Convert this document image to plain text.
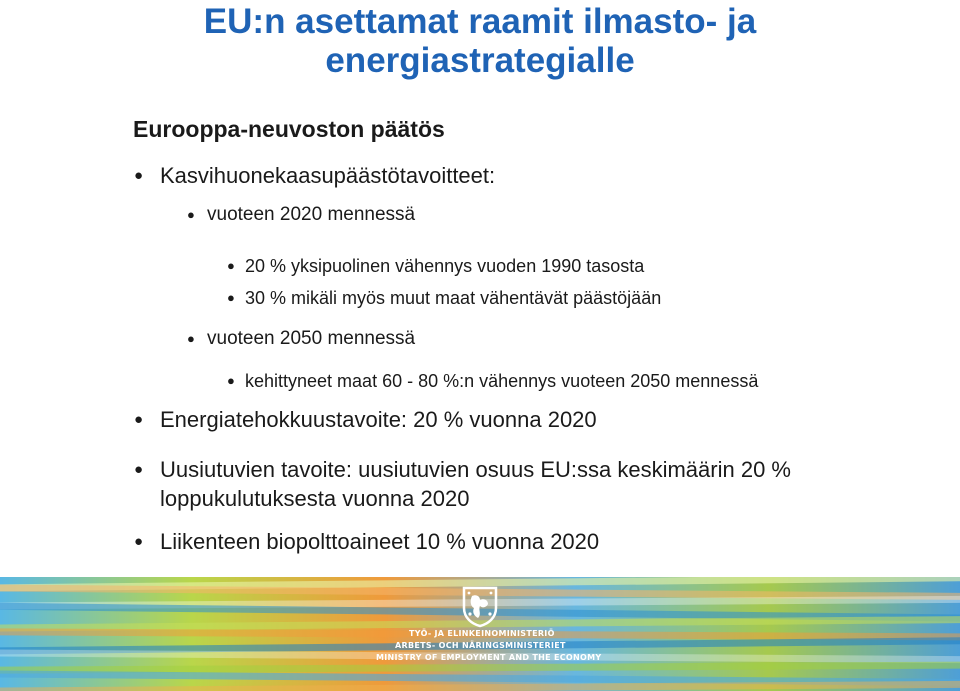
EU:n asettamat raamit ilmasto- ja
energiastrategialle
Eurooppa-neuvoston päätös
● Kasvihuonekaasupäästötavoitteet:
● vuoteen 2020 mennessä
● 20 % yksipuolinen vähennys vuoden 1990 tasosta
● 30 % mikäli myös muut maat vähentävät päästöjään
● vuoteen 2050 mennessä
● kehittyneet maat 60 - 80 %:n vähennys vuoteen 2050 mennessä
● Energiatehokkuustavoite: 20 % vuonna 2020
● Uusiutuvien tavoite: uusiutuvien osuus EU:ssa keskimäärin 20 %
loppukulutuksesta vuonna 2020
● Liikenteen biopolttoaineet 10 % vuonna 2020
TYÖ- JA ELINKEINOMINISTERIÖ
ARBETS- OCH NÄRINGSMINISTERIET
MINISTRY OF EMPLOYMENT AND THE ECONOMY
